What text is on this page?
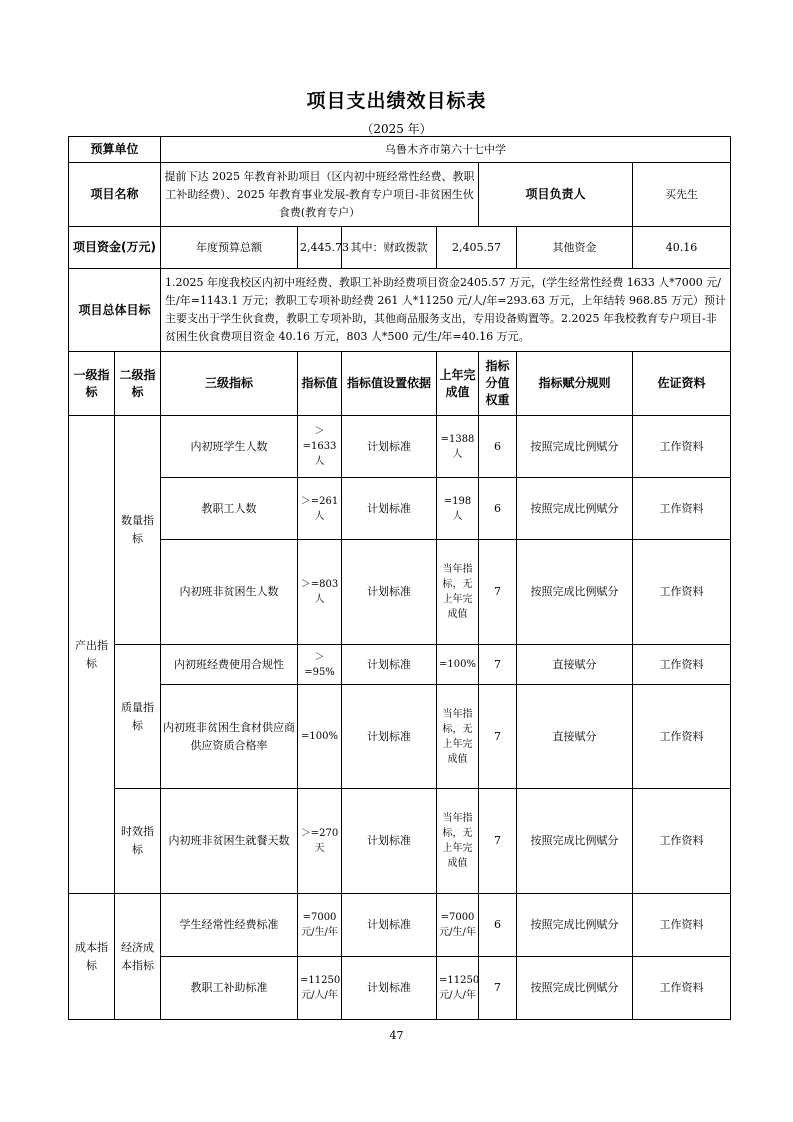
项目支出绩效目标表
（2025 年）
预算单位		乌鲁木齐市第六十七中学						
项目名称		提前下达 2025 年教育补助项目（区内初中班经常性经费、教职工补助经费）、2025 年教育事业发展-教育专户项目-非贫困生伙食费(教育专户）				项目负责人		买先生
项目资金(万元)		年度预算总额	2,445.73	其中：财政拨款	2,405.57		其他资金	40.16
项目总体目标		1.2025 年度我校区内初中班经费、教职工补助经费项目资金2405.57 万元，(学生经常性经费 1633 人*7000 元/生/年=1143.1 万元；教职工专项补助经费 261 人*11250 元/人/年=293.63 万元，上年结转 968.85 万元）预计主要支出于学生伙食费，教职工专项补助，其他商品服务支出，专用设备购置等。2.2025 年我校教育专户项目-非贫困生伙食费项目资金 40.16 万元，803 人*500 元/生/年=40.16 万元。						
一级指标	二级指标	三级指标	指标值	指标值设置依据	上年完成值	指标分值权重	指标赋分规则	佐证资料
产出指标	数量指标	内初班学生人数	＞=1633人	计划标准	=1388人	6	按照完成比例赋分	工作资料
		教职工人数	＞=261人	计划标准	=198人	6	按照完成比例赋分	工作资料
		内初班非贫困生人数	＞=803人	计划标准	当年指标，无上年完成值	7	按照完成比例赋分	工作资料
	质量指标	内初班经费使用合规性	＞=95%	计划标准	=100%	7	直接赋分	工作资料
		内初班非贫困生食材供应商供应资质合格率	=100%	计划标准	当年指标，无上年完成值	7	直接赋分	工作资料
	时效指标	内初班非贫困生就餐天数	＞=270天	计划标准	当年指标，无上年完成值	7	按照完成比例赋分	工作资料
成本指标	经济成本指标	学生经常性经费标准	=7000元/生/年	计划标准	=7000元/生/年	6	按照完成比例赋分	工作资料
		教职工补助标准	=11250元/人/年	计划标准	=11250元/人/年	7	按照完成比例赋分	工作资料
47
